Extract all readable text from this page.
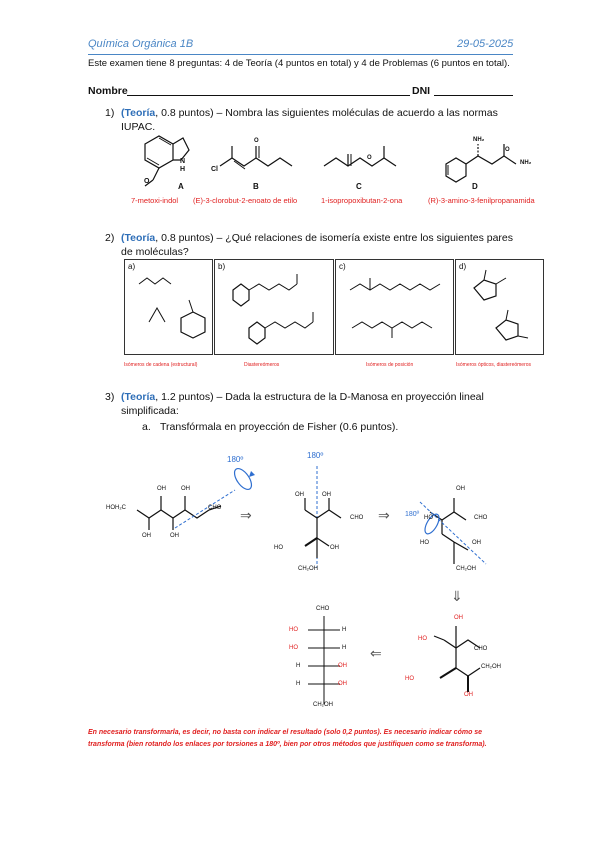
Química Orgánica 1B	29-05-2025
Este examen tiene 8 preguntas: 4 de Teoría (4 puntos en total) y 4 de Problemas (6 puntos en total).
Nombre	DNI
1) (Teoría, 0.8 puntos) – Nombra las siguientes moléculas de acuerdo a las normas
IUPAC.
N
H
O
A
Cl
O
B
O
C
NH₂
O
NH₂
D
7-metoxi-indol (E)-3-clorobut-2-enoato de etilo	1-isopropoxibutan-2-ona	(R)-3-amino-3-fenilpropanamida
2) (Teoría, 0.8 puntos) – ¿Qué relaciones de isomería existe entre los siguientes pares
de moléculas?
a)	b)	c)	d)
Isómeros de cadena (estructural)	Diastereómeros	Isómeros de posición	Isómeros ópticos, diastereómeros
3) (Teoría, 1.2 puntos) – Dada la estructura de la D-Manosa en proyección lineal
simplificada:
a. Transfórmala en proyección de Fisher (0.6 puntos).
HOH₂C
OH	OH
OH	OH
CHO
180º
⇒
180º
OH	OH
CHO
HO	OH
CH₂OH
⇒ 180º
OH
HO	CHO
HO	OH
CH₂OH
⇓
OH
HO
CHO
CH₂OH
HO
OH
⇐
CHO
HO	H
HO	H
H	OH
H	OH
CH₂OH
En necesario transformarla, es decir, no basta con indicar el resultado (solo 0,2 puntos). Es necesario indicar cómo se transforma (bien rotando los enlaces por torsiones a 180º, bien por otros métodos que justifiquen como se transforma).
